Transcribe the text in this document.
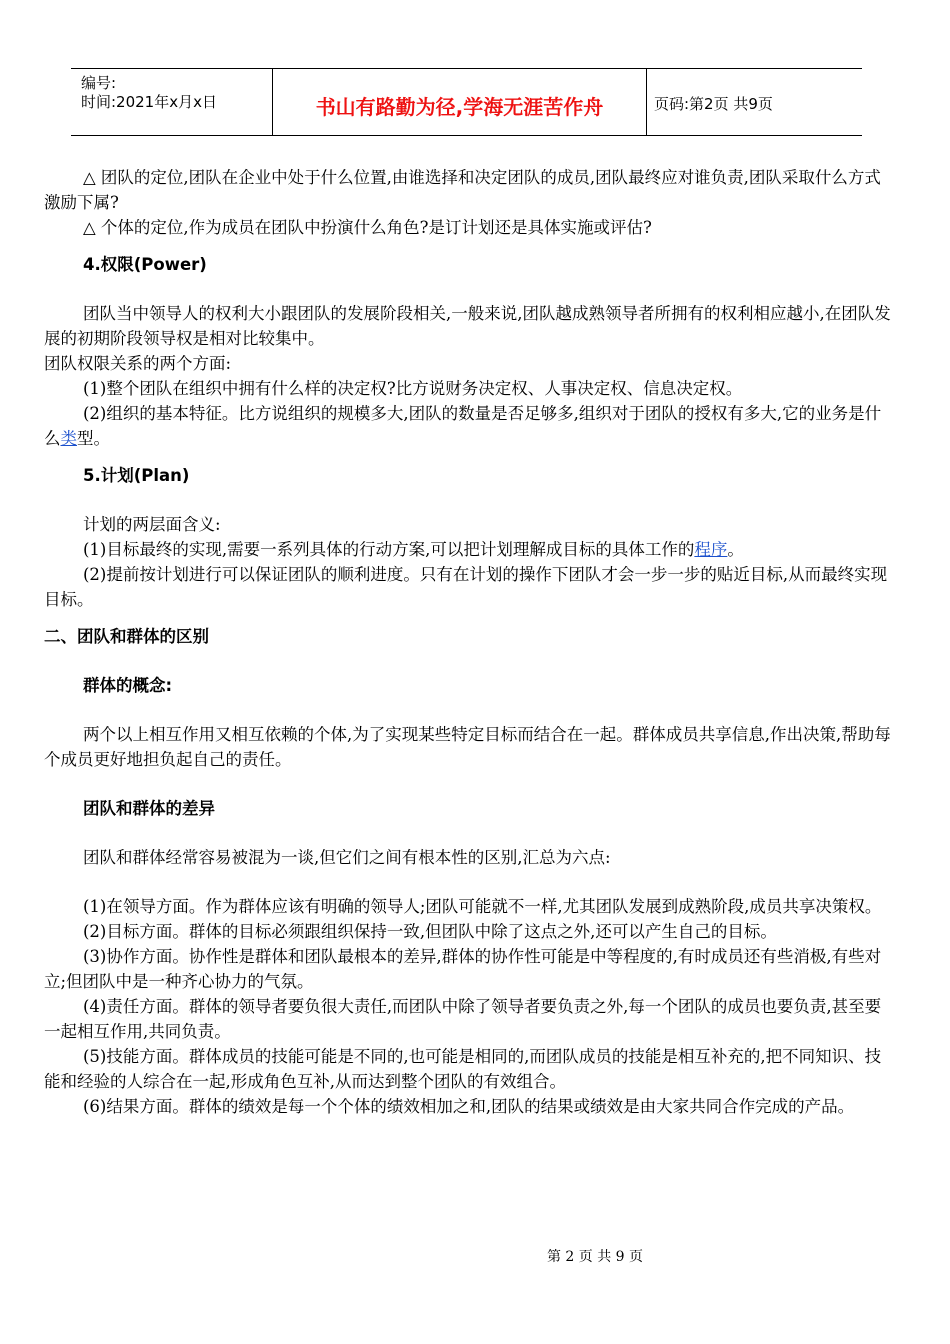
编号:
时间:2021年x月x日	书山有路勤为径,学海无涯苦作舟	页码:第2页 共9页

△ 团队的定位,团队在企业中处于什么位置,由谁选择和决定团队的成员,团队最终应对谁负责,团队采取什么方式激励下属?

△ 个体的定位,作为成员在团队中扮演什么角色?是订计划还是具体实施或评估?

4.权限(Power)

团队当中领导人的权利大小跟团队的发展阶段相关,一般来说,团队越成熟领导者所拥有的权利相应越小,在团队发展的初期阶段领导权是相对比较集中。

团队权限关系的两个方面:

(1)整个团队在组织中拥有什么样的决定权?比方说财务决定权、人事决定权、信息决定权。

(2)组织的基本特征。比方说组织的规模多大,团队的数量是否足够多,组织对于团队的授权有多大,它的业务是什么类型。

5.计划(Plan)

计划的两层面含义:

(1)目标最终的实现,需要一系列具体的行动方案,可以把计划理解成目标的具体工作的程序。

(2)提前按计划进行可以保证团队的顺利进度。只有在计划的操作下团队才会一步一步的贴近目标,从而最终实现目标。

二、团队和群体的区别

群体的概念:

两个以上相互作用又相互依赖的个体,为了实现某些特定目标而结合在一起。群体成员共享信息,作出决策,帮助每个成员更好地担负起自己的责任。

团队和群体的差异

团队和群体经常容易被混为一谈,但它们之间有根本性的区别,汇总为六点:

(1)在领导方面。作为群体应该有明确的领导人;团队可能就不一样,尤其团队发展到成熟阶段,成员共享决策权。

(2)目标方面。群体的目标必须跟组织保持一致,但团队中除了这点之外,还可以产生自己的目标。

(3)协作方面。协作性是群体和团队最根本的差异,群体的协作性可能是中等程度的,有时成员还有些消极,有些对立;但团队中是一种齐心协力的气氛。

(4)责任方面。群体的领导者要负很大责任,而团队中除了领导者要负责之外,每一个团队的成员也要负责,甚至要一起相互作用,共同负责。

(5)技能方面。群体成员的技能可能是不同的,也可能是相同的,而团队成员的技能是相互补充的,把不同知识、技能和经验的人综合在一起,形成角色互补,从而达到整个团队的有效组合。

(6)结果方面。群体的绩效是每一个个体的绩效相加之和,团队的结果或绩效是由大家共同合作完成的产品。

第 2 页 共 9 页
